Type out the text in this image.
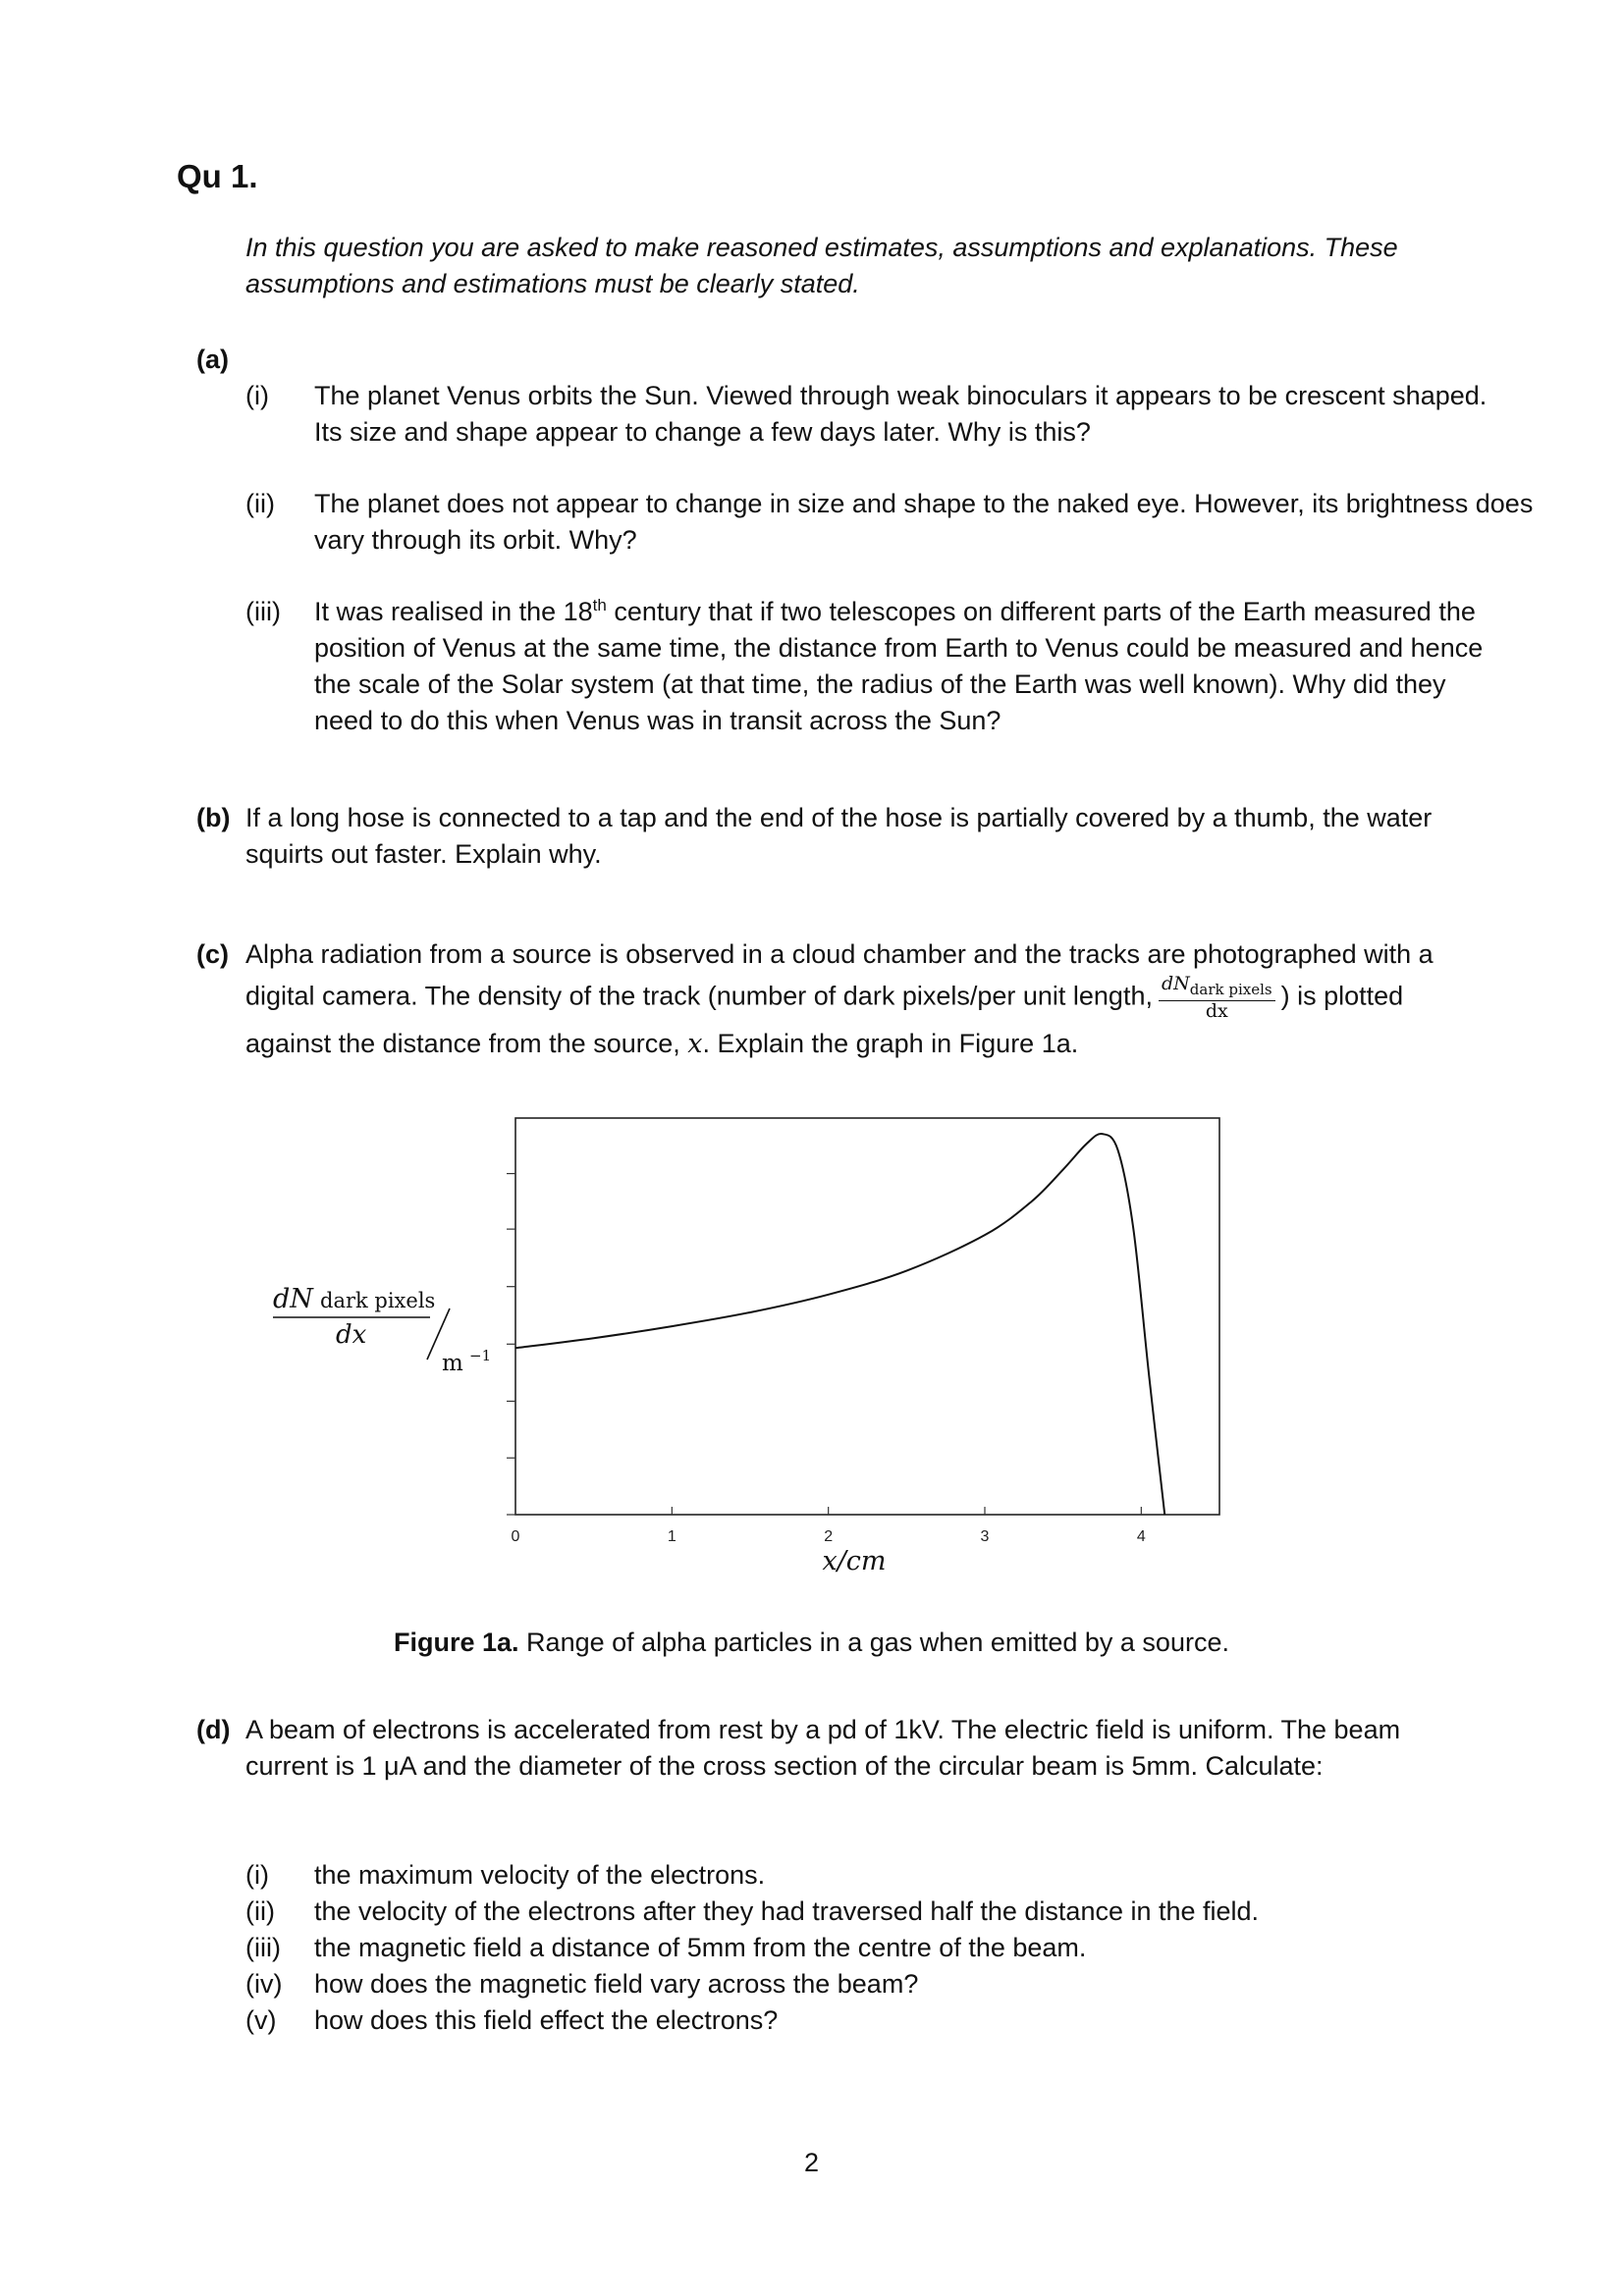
Qu 1.
In this question you are asked to make reasoned estimates, assumptions and explanations. These assumptions and estimations must be clearly stated.
(a)
(i) The planet Venus orbits the Sun. Viewed through weak binoculars it appears to be crescent shaped. Its size and shape appear to change a few days later. Why is this?
(ii) The planet does not appear to change in size and shape to the naked eye. However, its brightness does vary through its orbit. Why?
(iii) It was realised in the 18th century that if two telescopes on different parts of the Earth measured the position of Venus at the same time, the distance from Earth to Venus could be measured and hence the scale of the Solar system (at that time, the radius of the Earth was well known). Why did they need to do this when Venus was in transit across the Sun?
(b) If a long hose is connected to a tap and the end of the hose is partially covered by a thumb, the water squirts out faster. Explain why.
(c) Alpha radiation from a source is observed in a cloud chamber and the tracks are photographed with a
digital camera. The density of the track (number of dark pixels/per unit length, $\frac{dN_{dark pixels}}{dx}$ ) is plotted
against the distance from the source, x. Explain the graph in Figure 1a.
0	1	2	3	4
dN dark pixels
dx
m −1
x/cm
Figure 1a. Range of alpha particles in a gas when emitted by a source.
(d) A beam of electrons is accelerated from rest by a pd of 1kV. The electric field is uniform. The beam current is 1 μA and the diameter of the cross section of the circular beam is 5mm. Calculate:
(i) the maximum velocity of the electrons.
(ii) the velocity of the electrons after they had traversed half the distance in the field.
(iii) the magnetic field a distance of 5mm from the centre of the beam.
(iv) how does the magnetic field vary across the beam?
(v) how does this field effect the electrons?
2
